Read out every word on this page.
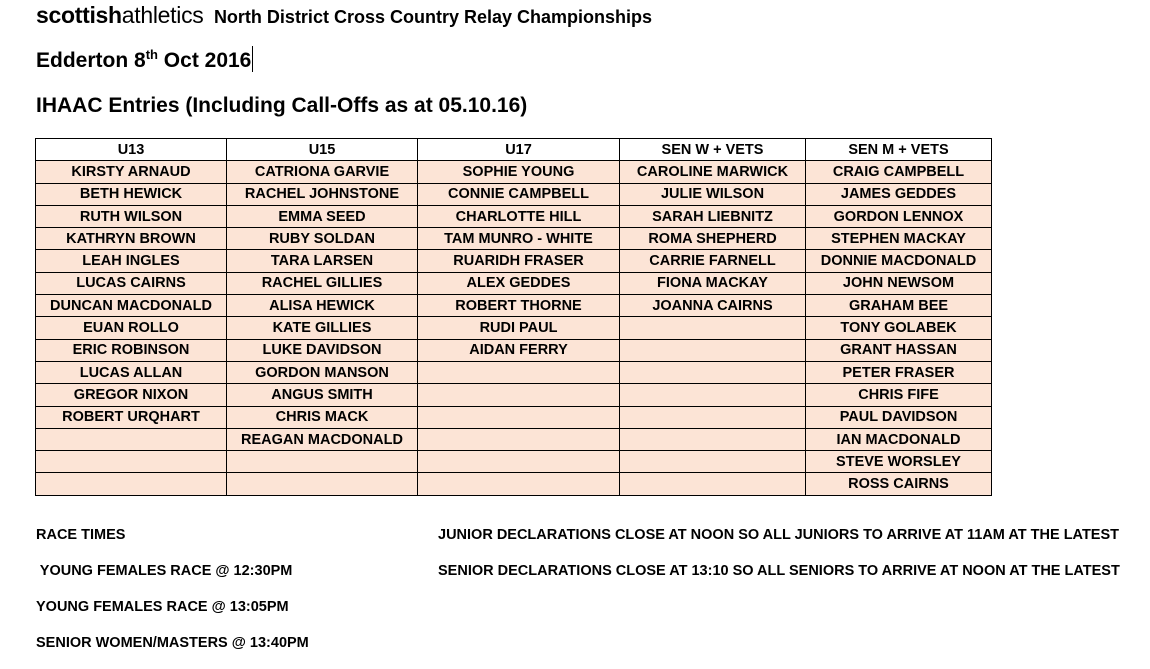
scottishathletics North District Cross Country Relay Championships
Edderton 8th Oct 2016
IHAAC Entries (Including Call-Offs as at 05.10.16)
U13	U15	U17	SEN W + VETS	SEN M + VETS
KIRSTY ARNAUD	CATRIONA GARVIE	SOPHIE YOUNG	CAROLINE MARWICK	CRAIG CAMPBELL
BETH HEWICK	RACHEL JOHNSTONE	CONNIE CAMPBELL	JULIE WILSON	JAMES GEDDES
RUTH WILSON	EMMA SEED	CHARLOTTE HILL	SARAH LIEBNITZ	GORDON LENNOX
KATHRYN BROWN	RUBY SOLDAN	TAM MUNRO - WHITE	ROMA SHEPHERD	STEPHEN MACKAY
LEAH INGLES	TARA LARSEN	RUARIDH FRASER	CARRIE FARNELL	DONNIE MACDONALD
LUCAS CAIRNS	RACHEL GILLIES	ALEX GEDDES	FIONA MACKAY	JOHN NEWSOM
DUNCAN MACDONALD	ALISA HEWICK	ROBERT THORNE	JOANNA CAIRNS	GRAHAM BEE
EUAN ROLLO	KATE GILLIES	RUDI PAUL		TONY GOLABEK
ERIC ROBINSON	LUKE DAVIDSON	AIDAN FERRY		GRANT HASSAN
LUCAS ALLAN	GORDON MANSON			PETER FRASER
GREGOR NIXON	ANGUS SMITH			CHRIS FIFE
ROBERT URQHART	CHRIS MACK			PAUL DAVIDSON
	REAGAN MACDONALD			IAN MACDONALD
				STEVE WORSLEY
				ROSS CAIRNS
RACE TIMES
YOUNG FEMALES RACE @ 12:30PM
YOUNG FEMALES RACE @ 13:05PM
SENIOR WOMEN/MASTERS @ 13:40PM
JUNIOR DECLARATIONS CLOSE AT NOON SO ALL JUNIORS TO ARRIVE AT 11AM AT THE LATEST
SENIOR DECLARATIONS CLOSE AT 13:10 SO ALL SENIORS TO ARRIVE AT NOON AT THE LATEST
